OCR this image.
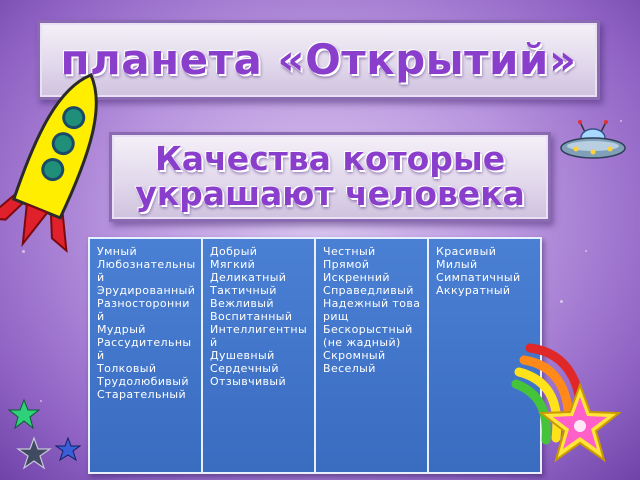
планета «Открытий»
Качества которые украшают человека
Умный
Любознательный
Эрудированный
Разносторонний
Мудрый
Рассудительный
Толковый
Трудолюбивый
Старательный
Добрый
Мягкий
Деликатный
Тактичный
Вежливый
Воспитанный
Интеллигентный
Душевный
Сердечный
Отзывчивый
Честный
Прямой
Искренний
Справедливый
Надежный товарищ
Бескорыстный (не жадный)
Скромный
Веселый
Красивый
Милый
Симпатичный
Аккуратный
